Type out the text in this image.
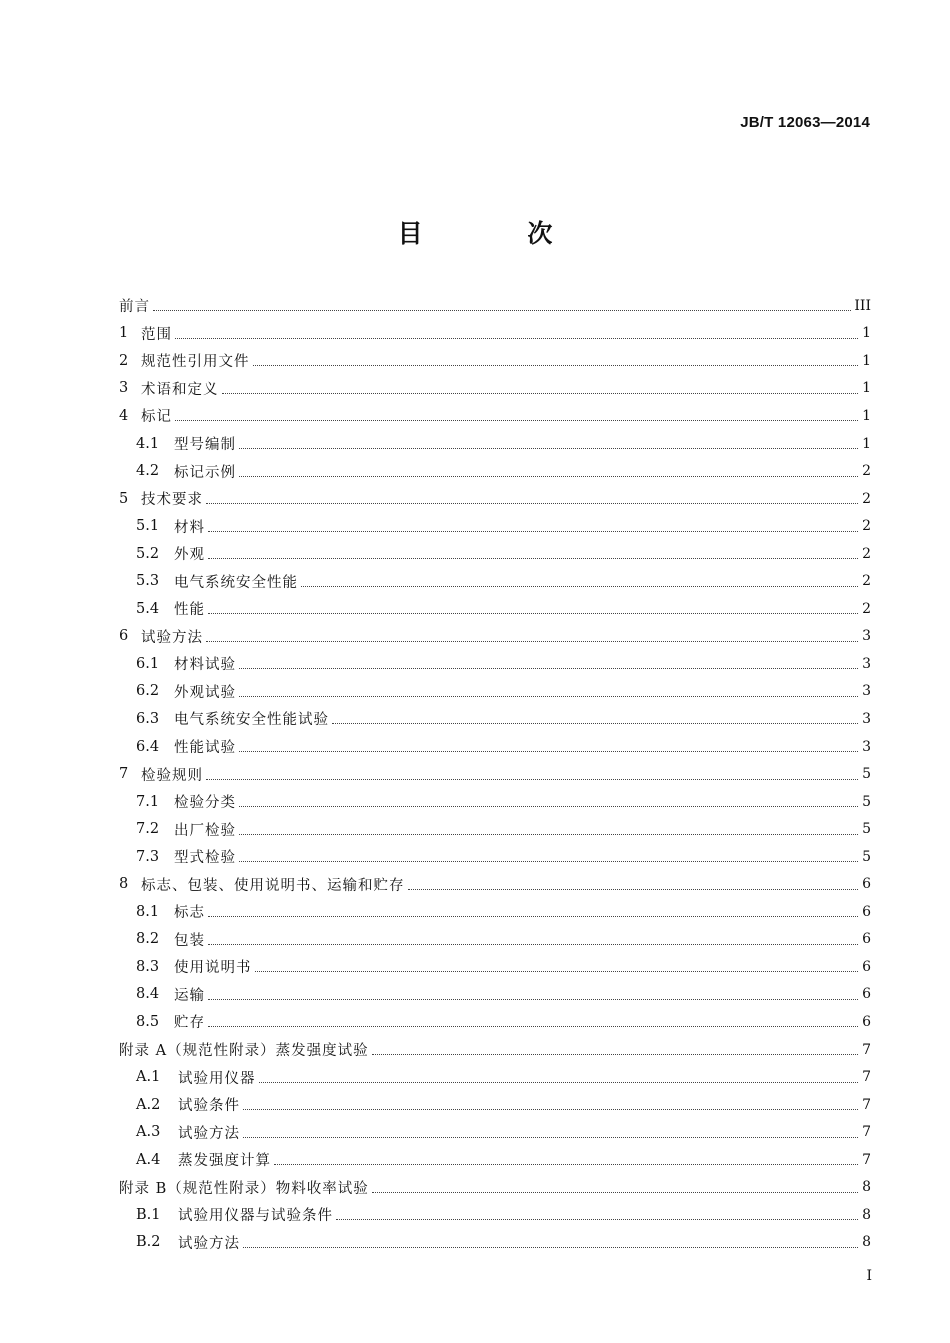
JB/T 12063—2014
目 次
前言	III
1 范围	1
2 规范性引用文件	1
3 术语和定义	1
4 标记	1
4.1	型号编制	1
4.2	标记示例	2
5 技术要求	2
5.1	材料	2
5.2	外观	2
5.3	电气系统安全性能	2
5.4	性能	2
6 试验方法	3
6.1	材料试验	3
6.2	外观试验	3
6.3	电气系统安全性能试验	3
6.4	性能试验	3
7 检验规则	5
7.1	检验分类	5
7.2	出厂检验	5
7.3	型式检验	5
8 标志、包装、使用说明书、运输和贮存	6
8.1	标志	6
8.2	包装	6
8.3	使用说明书	6
8.4	运输	6
8.5	贮存	6
附录 A（规范性附录）蒸发强度试验	7
A.1	试验用仪器	7
A.2	试验条件	7
A.3	试验方法	7
A.4	蒸发强度计算	7
附录 B（规范性附录）物料收率试验	8
B.1	试验用仪器与试验条件	8
B.2	试验方法	8
I
